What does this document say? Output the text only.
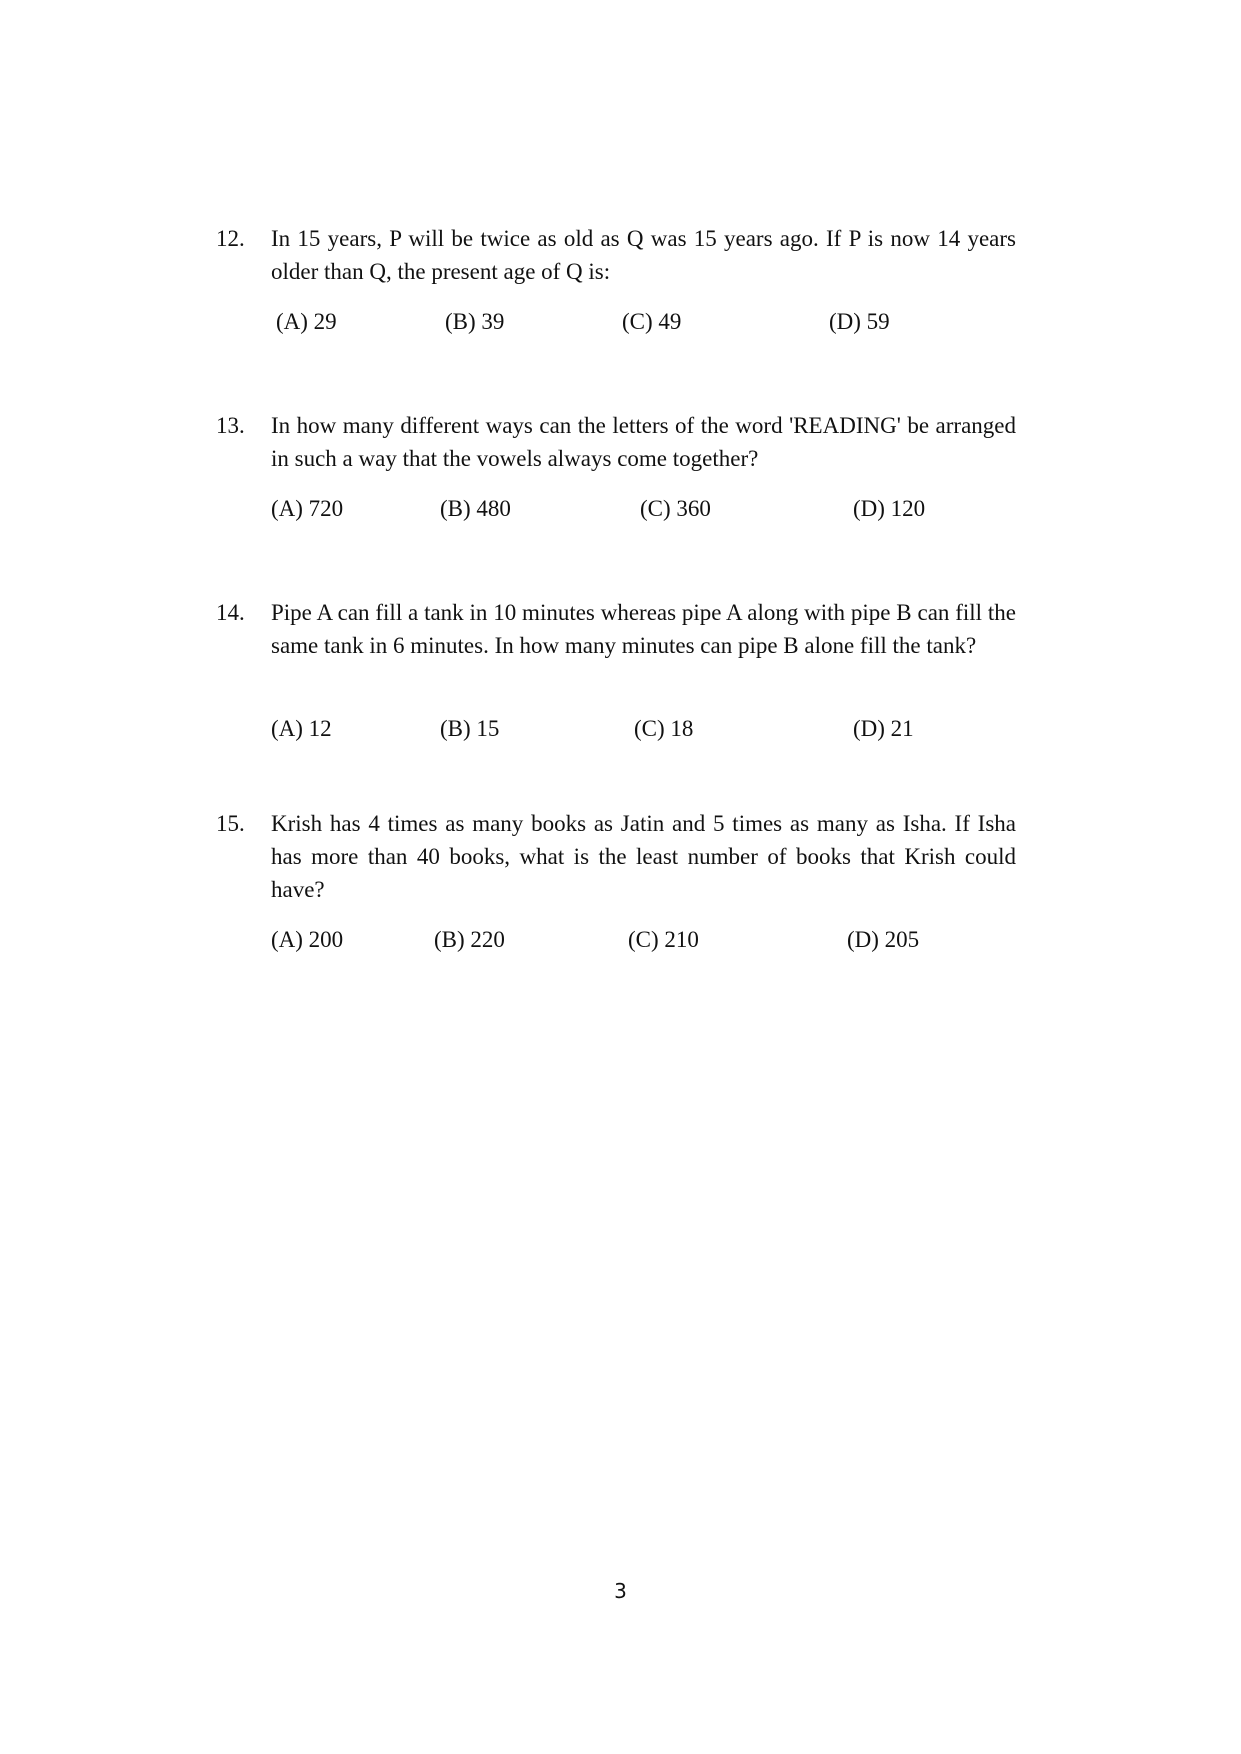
12. In 15 years, P will be twice as old as Q was 15 years ago. If P is now 14 years older than Q, the present age of Q is:
(A) 29	(B) 39	(C) 49	(D) 59
13. In how many different ways can the letters of the word 'READING' be arranged in such a way that the vowels always come together?
(A) 720	(B) 480	(C) 360	(D) 120
14. Pipe A can fill a tank in 10 minutes whereas pipe A along with pipe B can fill the same tank in 6 minutes. In how many minutes can pipe B alone fill the tank?
(A) 12	(B) 15	(C) 18	(D) 21
15. Krish has 4 times as many books as Jatin and 5 times as many as Isha. If Isha has more than 40 books, what is the least number of books that Krish could have?
(A) 200	(B) 220	(C) 210	(D) 205
3
